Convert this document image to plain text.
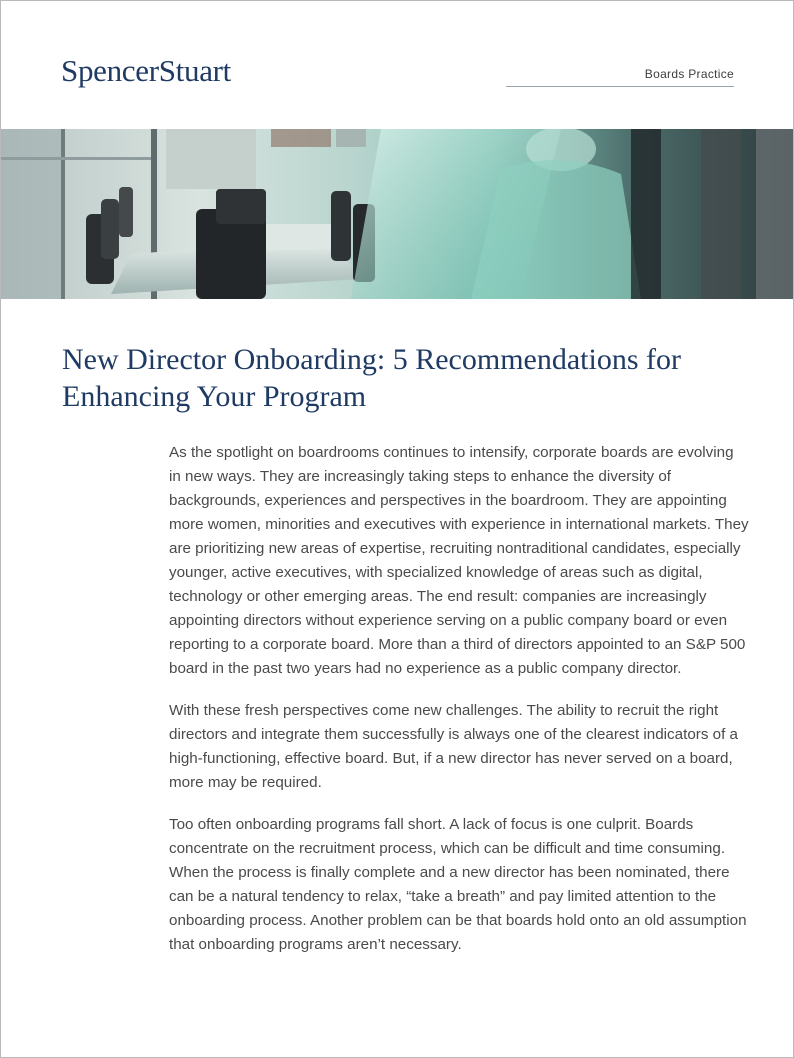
SpencerStuart	Boards Practice
New Director Onboarding: 5 Recommendations for Enhancing Your Program

As the spotlight on boardrooms continues to intensify, corporate boards are evolving in new ways. They are increasingly taking steps to enhance the diversity of backgrounds, experiences and perspectives in the boardroom. They are appointing more women, minorities and executives with experience in international markets. They are prioritizing new areas of expertise, recruiting nontraditional candidates, especially younger, active executives, with specialized knowledge of areas such as digital, technology or other emerging areas. The end result: companies are increasingly appointing directors without experience serving on a public company board or even reporting to a corporate board. More than a third of directors appointed to an S&P 500 board in the past two years had no experience as a public company director.

With these fresh perspectives come new challenges. The ability to recruit the right directors and integrate them successfully is always one of the clearest indicators of a high-functioning, effective board. But, if a new director has never served on a board, more may be required.

Too often onboarding programs fall short. A lack of focus is one culprit. Boards concentrate on the recruitment process, which can be difficult and time consuming. When the process is finally complete and a new director has been nominated, there can be a natural tendency to relax, “take a breath” and pay limited attention to the onboarding process. Another problem can be that boards hold onto an old assumption that onboarding programs aren’t necessary.
